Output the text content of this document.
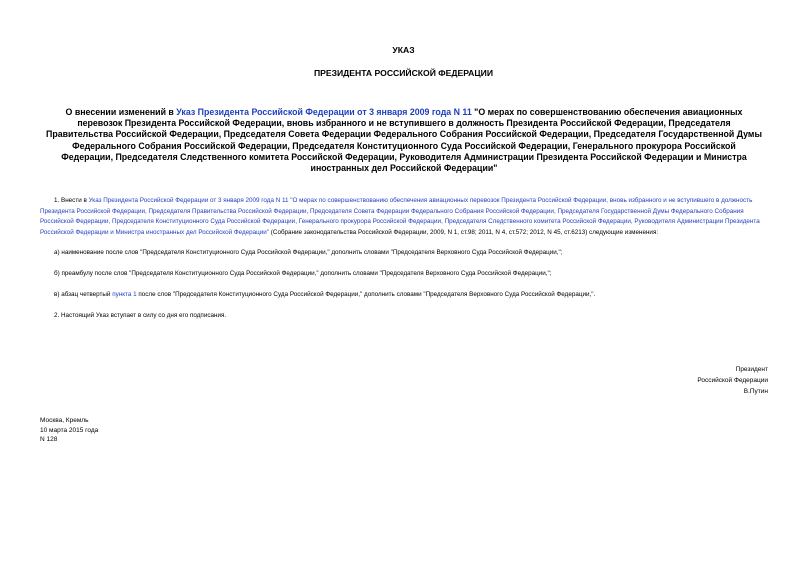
УКАЗ
ПРЕЗИДЕНТА РОССИЙСКОЙ ФЕДЕРАЦИИ
О внесении изменений в Указ Президента Российской Федерации от 3 января 2009 года N 11 "О мерах по совершенствованию обеспечения авиационных перевозок Президента Российской Федерации, вновь избранного и не вступившего в должность Президента Российской Федерации, Председателя Правительства Российской Федерации, Председателя Совета Федерации Федерального Собрания Российской Федерации, Председателя Государственной Думы Федерального Собрания Российской Федерации, Председателя Конституционного Суда Российской Федерации, Генерального прокурора Российской Федерации, Председателя Следственного комитета Российской Федерации, Руководителя Администрации Президента Российской Федерации и Министра иностранных дел Российской Федерации"

1. Внести в Указ Президента Российской Федерации от 3 января 2009 года N 11 "О мерах по совершенствованию обеспечения авиационных перевозок Президента Российской Федерации, вновь избранного и не вступившего в должность Президента Российской Федерации, Председателя Правительства Российской Федерации, Председателя Совета Федерации Федерального Собрания Российской Федерации, Председателя Государственной Думы Федерального Собрания Российской Федерации, Председателя Конституционного Суда Российской Федерации, Генерального прокурора Российской Федерации, Председателя Следственного комитета Российской Федерации, Руководителя Администрации Президента Российской Федерации и Министра иностранных дел Российской Федерации" (Собрание законодательства Российской Федерации, 2009, N 1, ст.98; 2011, N 4, ст.572; 2012, N 45, ст.6213) следующие изменения:

а) наименование после слов "Председателя Конституционного Суда Российской Федерации," дополнить словами "Председателя Верховного Суда Российской Федерации,";

б) преамбулу после слов "Председателя Конституционного Суда Российской Федерации," дополнить словами "Председателя Верховного Суда Российской Федерации,";

в) абзац четвертый пункта 1 после слов "Председателя Конституционного Суда Российской Федерации," дополнить словами "Председателя Верховного Суда Российской Федерации,".

2. Настоящий Указ вступает в силу со дня его подписания.

Президент
Российской Федерации
В.Путин
Москва, Кремль
10 марта 2015 года
N 128
